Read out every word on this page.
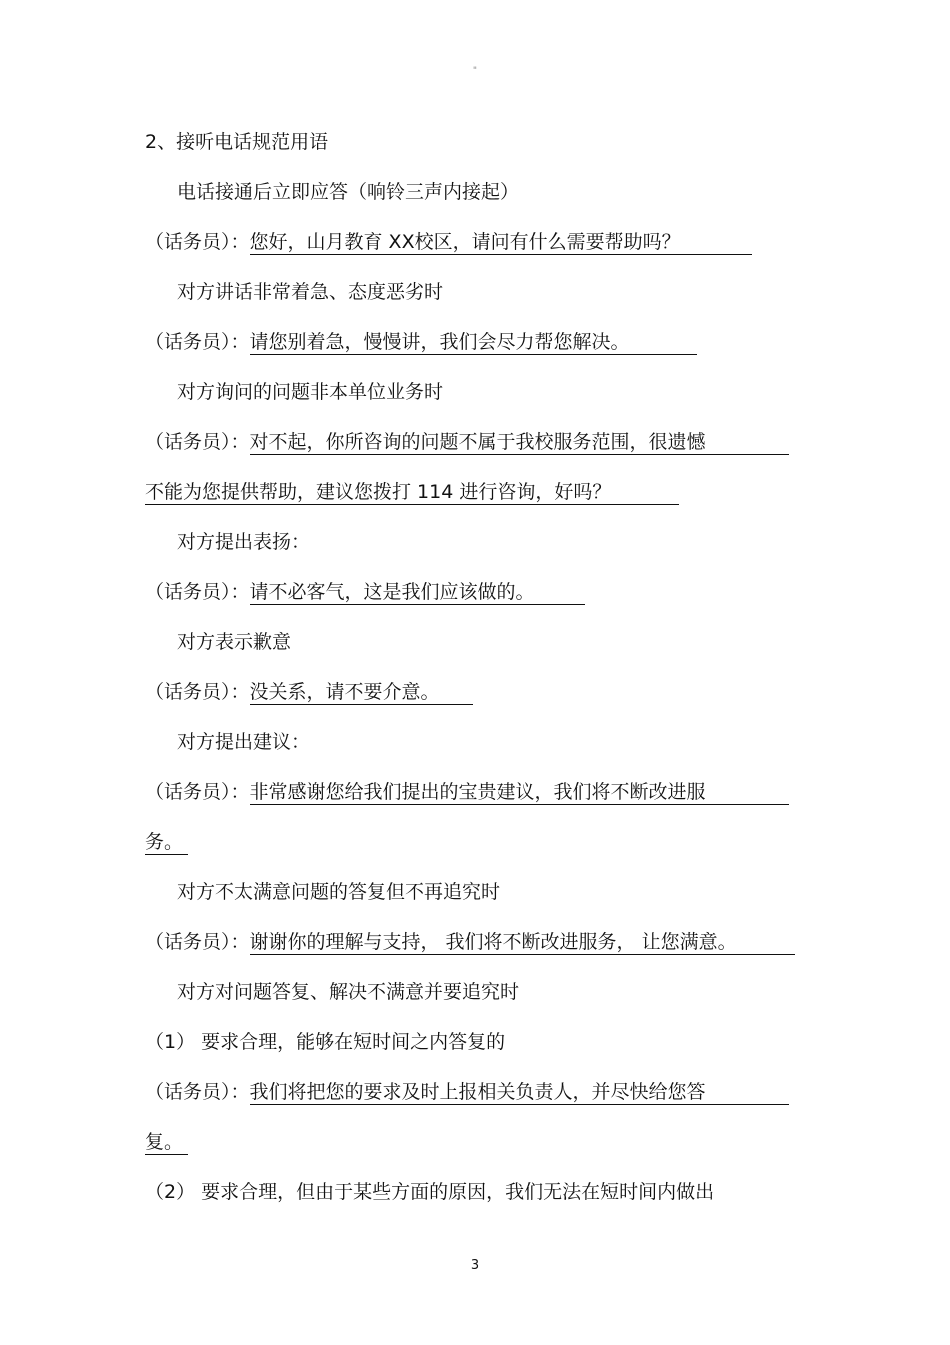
"
2、接听电话规范用语
电话接通后立即应答（响铃三声内接起）
（话务员）：您好，山月教育 XX校区，请问有什么需要帮助吗？
对方讲话非常着急、态度恶劣时
（话务员）：请您别着急，慢慢讲，我们会尽力帮您解决。
对方询问的问题非本单位业务时
（话务员）：对不起，你所咨询的问题不属于我校服务范围，很遗憾
不能为您提供帮助，建议您拨打 114 进行咨询，好吗？
对方提出表扬：
（话务员）：请不必客气，这是我们应该做的。
对方表示歉意
（话务员）：没关系，请不要介意。
对方提出建议：
（话务员）：非常感谢您给我们提出的宝贵建议，我们将不断改进服
务。
对方不太满意问题的答复但不再追究时
（话务员）：谢谢你的理解与支持， 我们将不断改进服务， 让您满意。
对方对问题答复、解决不满意并要追究时
（1） 要求合理，能够在短时间之内答复的
（话务员）：我们将把您的要求及时上报相关负责人，并尽快给您答
复。
（2） 要求合理，但由于某些方面的原因，我们无法在短时间内做出
3
